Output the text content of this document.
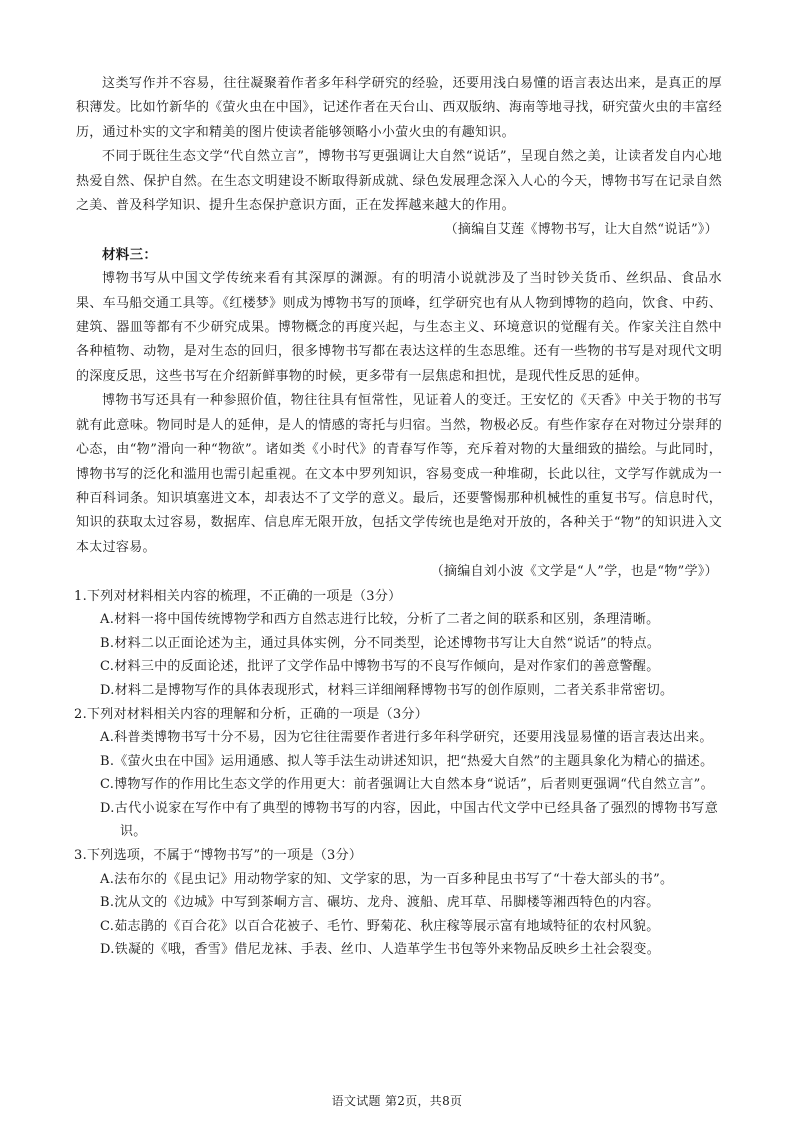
这类写作并不容易，往往凝聚着作者多年科学研究的经验，还要用浅白易懂的语言表达出来，是真正的厚积薄发。比如竹新华的《萤火虫在中国》，记述作者在天台山、西双版纳、海南等地寻找，研究萤火虫的丰富经历，通过朴实的文字和精美的图片使读者能够领略小小萤火虫的有趣知识。

不同于既往生态文学“代自然立言”，博物书写更强调让大自然“说话”，呈现自然之美，让读者发自内心地热爱自然、保护自然。在生态文明建设不断取得新成就、绿色发展理念深入人心的今天，博物书写在记录自然之美、普及科学知识、提升生态保护意识方面，正在发挥越来越大的作用。

（摘编自艾莲《博物书写，让大自然“说话”》）

材料三：

博物书写从中国文学传统来看有其深厚的渊源。有的明清小说就涉及了当时钞关货币、丝织品、食品水果、车马船交通工具等。《红楼梦》则成为博物书写的顶峰，红学研究也有从人物到博物的趋向，饮食、中药、建筑、器皿等都有不少研究成果。博物概念的再度兴起，与生态主义、环境意识的觉醒有关。作家关注自然中各种植物、动物，是对生态的回归，很多博物书写都在表达这样的生态思维。还有一些物的书写是对现代文明的深度反思，这些书写在介绍新鲜事物的时候，更多带有一层焦虑和担忧，是现代性反思的延伸。

博物书写还具有一种参照价值，物往往具有恒常性，见证着人的变迁。王安忆的《天香》中关于物的书写就有此意味。物同时是人的延伸，是人的情感的寄托与归宿。当然，物极必反。有些作家存在对物过分崇拜的心态，由“物”滑向一种“物欲”。诸如类《小时代》的青春写作等，充斥着对物的大量细致的描绘。与此同时，博物书写的泛化和滥用也需引起重视。在文本中罗列知识，容易变成一种堆砌，长此以往，文学写作就成为一种百科词条。知识填塞进文本，却表达不了文学的意义。最后，还要警惕那种机械性的重复书写。信息时代，知识的获取太过容易，数据库、信息库无限开放，包括文学传统也是绝对开放的，各种关于“物”的知识进入文本太过容易。

（摘编自刘小波《文学是“人”学，也是“物”学》）

1.下列对材料相关内容的梳理，不正确的一项是（3分）

A.材料一将中国传统博物学和西方自然志进行比较，分析了二者之间的联系和区别，条理清晰。

B.材料二以正面论述为主，通过具体实例，分不同类型，论述博物书写让大自然“说话”的特点。

C.材料三中的反面论述，批评了文学作品中博物书写的不良写作倾向，是对作家们的善意警醒。

D.材料二是博物写作的具体表现形式，材料三详细阐释博物书写的创作原则，二者关系非常密切。

2.下列对材料相关内容的理解和分析，正确的一项是（3分）

A.科普类博物书写十分不易，因为它往往需要作者进行多年科学研究，还要用浅显易懂的语言表达出来。

B.《萤火虫在中国》运用通感、拟人等手法生动讲述知识，把“热爱大自然”的主题具象化为精心的描述。

C.博物写作的作用比生态文学的作用更大：前者强调让大自然本身“说话”，后者则更强调“代自然立言”。

D.古代小说家在写作中有了典型的博物书写的内容，因此，中国古代文学中已经具备了强烈的博物书写意识。

3.下列选项，不属于“博物书写”的一项是（3分）

A.法布尔的《昆虫记》用动物学家的知、文学家的思，为一百多种昆虫书写了“十卷大部头的书”。

B.沈从文的《边城》中写到茶峒方言、碾坊、龙舟、渡船、虎耳草、吊脚楼等湘西特色的内容。

C.茹志鹃的《百合花》以百合花被子、毛竹、野菊花、秋庄稼等展示富有地域特征的农村风貌。

D.铁凝的《哦，香雪》借尼龙袜、手表、丝巾、人造革学生书包等外来物品反映乡土社会裂变。

语文试题 第2页，共8页
